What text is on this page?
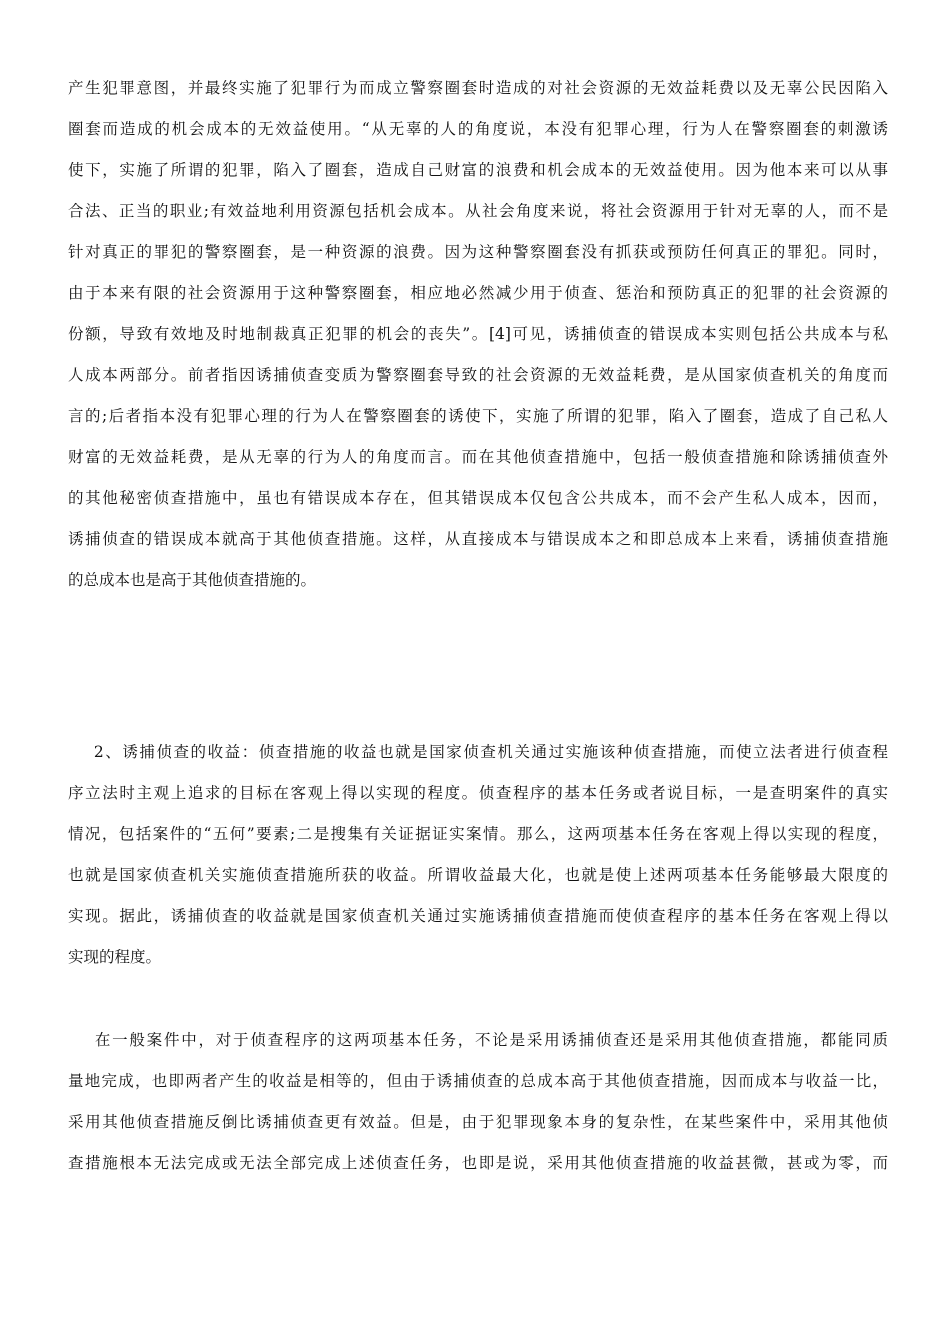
产生犯罪意图，并最终实施了犯罪行为而成立警察圈套时造成的对社会资源的无效益耗费以及无辜公民因陷入
圈套而造成的机会成本的无效益使用。“从无辜的人的角度说，本没有犯罪心理，行为人在警察圈套的刺激诱
使下，实施了所谓的犯罪，陷入了圈套，造成自己财富的浪费和机会成本的无效益使用。因为他本来可以从事
合法、正当的职业;有效益地利用资源包括机会成本。从社会角度来说，将社会资源用于针对无辜的人，而不是
针对真正的罪犯的警察圈套，是一种资源的浪费。因为这种警察圈套没有抓获或预防任何真正的罪犯。同时，
由于本来有限的社会资源用于这种警察圈套，相应地必然减少用于侦查、惩治和预防真正的犯罪的社会资源的
份额，导致有效地及时地制裁真正犯罪的机会的丧失”。[4]可见，诱捕侦查的错误成本实则包括公共成本与私
人成本两部分。前者指因诱捕侦查变质为警察圈套导致的社会资源的无效益耗费，是从国家侦查机关的角度而
言的;后者指本没有犯罪心理的行为人在警察圈套的诱使下，实施了所谓的犯罪，陷入了圈套，造成了自己私人
财富的无效益耗费，是从无辜的行为人的角度而言。而在其他侦查措施中，包括一般侦查措施和除诱捕侦查外
的其他秘密侦查措施中，虽也有错误成本存在，但其错误成本仅包含公共成本，而不会产生私人成本，因而，
诱捕侦查的错误成本就高于其他侦查措施。这样，从直接成本与错误成本之和即总成本上来看，诱捕侦查措施
的总成本也是高于其他侦查措施的。
2、诱捕侦查的收益：侦查措施的收益也就是国家侦查机关通过实施该种侦查措施，而使立法者进行侦查程
序立法时主观上追求的目标在客观上得以实现的程度。侦查程序的基本任务或者说目标，一是查明案件的真实
情况，包括案件的“五何”要素;二是搜集有关证据证实案情。那么，这两项基本任务在客观上得以实现的程度，
也就是国家侦查机关实施侦查措施所获的收益。所谓收益最大化，也就是使上述两项基本任务能够最大限度的
实现。据此，诱捕侦查的收益就是国家侦查机关通过实施诱捕侦查措施而使侦查程序的基本任务在客观上得以
实现的程度。
在一般案件中，对于侦查程序的这两项基本任务，不论是采用诱捕侦查还是采用其他侦查措施，都能同质
量地完成，也即两者产生的收益是相等的，但由于诱捕侦查的总成本高于其他侦查措施，因而成本与收益一比，
采用其他侦查措施反倒比诱捕侦查更有效益。但是，由于犯罪现象本身的复杂性，在某些案件中，采用其他侦
查措施根本无法完成或无法全部完成上述侦查任务，也即是说，采用其他侦查措施的收益甚微，甚或为零，而
